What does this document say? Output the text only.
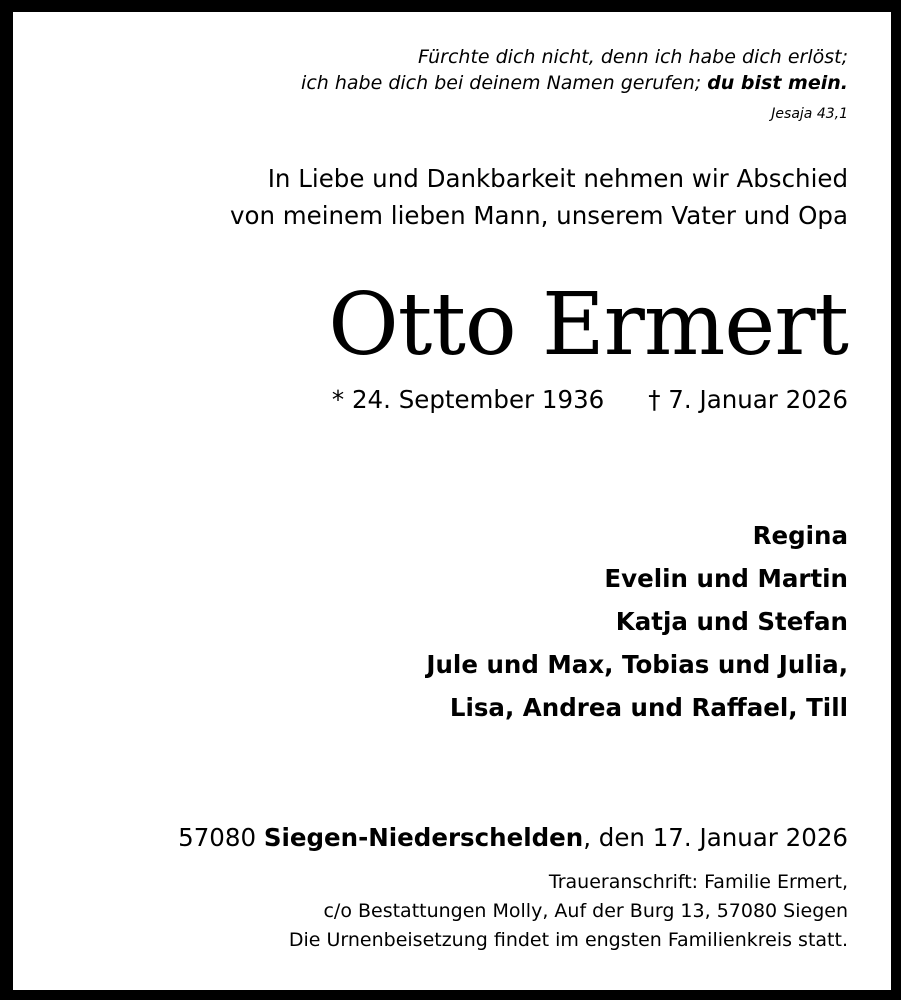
Fürchte dich nicht, denn ich habe dich erlöst;
ich habe dich bei deinem Namen gerufen; du bist mein.
Jesaja 43,1
In Liebe und Dankbarkeit nehmen wir Abschied
von meinem lieben Mann, unserem Vater und Opa
Otto Ermert
* 24. September 1936 † 7. Januar 2026
Regina
Evelin und Martin
Katja und Stefan
Jule und Max, Tobias und Julia,
Lisa, Andrea und Raffael, Till
57080 Siegen-Niederschelden, den 17. Januar 2026
Traueranschrift: Familie Ermert,
c/o Bestattungen Molly, Auf der Burg 13, 57080 Siegen
Die Urnenbeisetzung findet im engsten Familienkreis statt.
